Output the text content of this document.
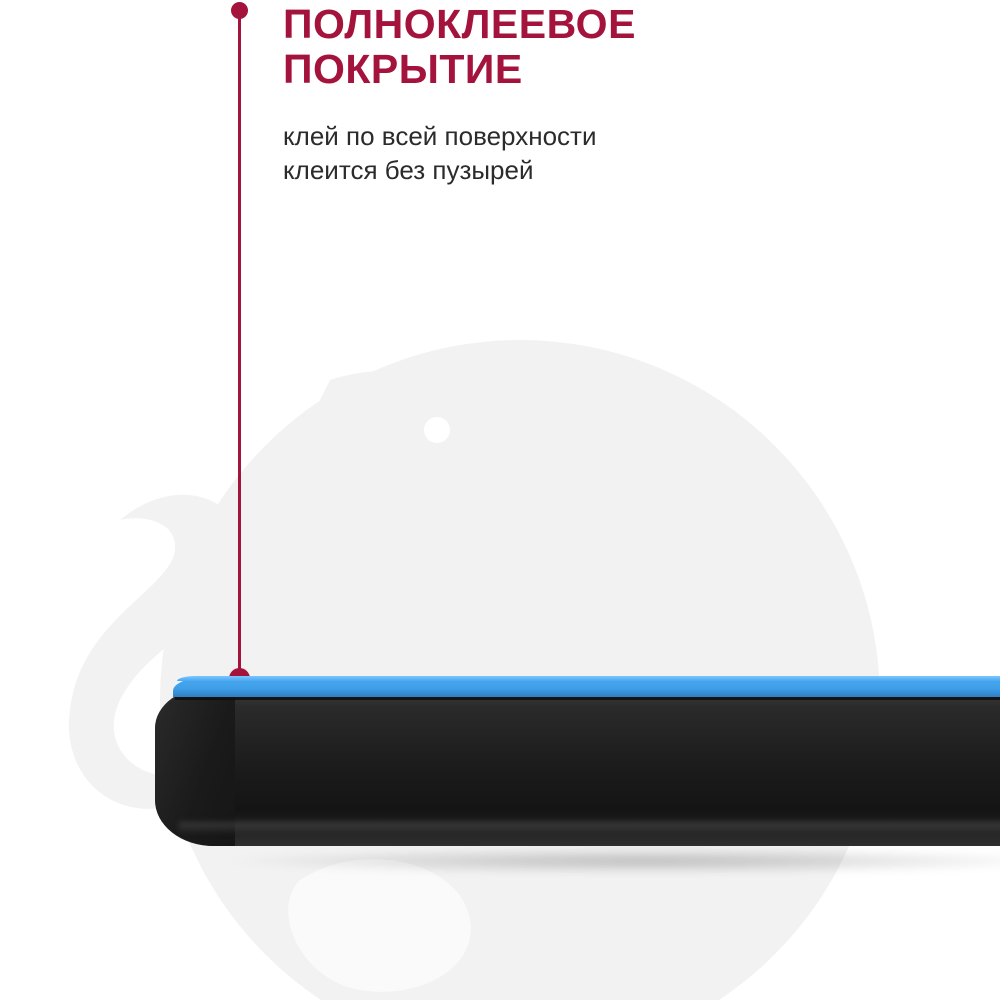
ПОЛНОКЛЕЕВОЕ
ПОКРЫТИЕ

клей по всей поверхности
клеится без пузырей
